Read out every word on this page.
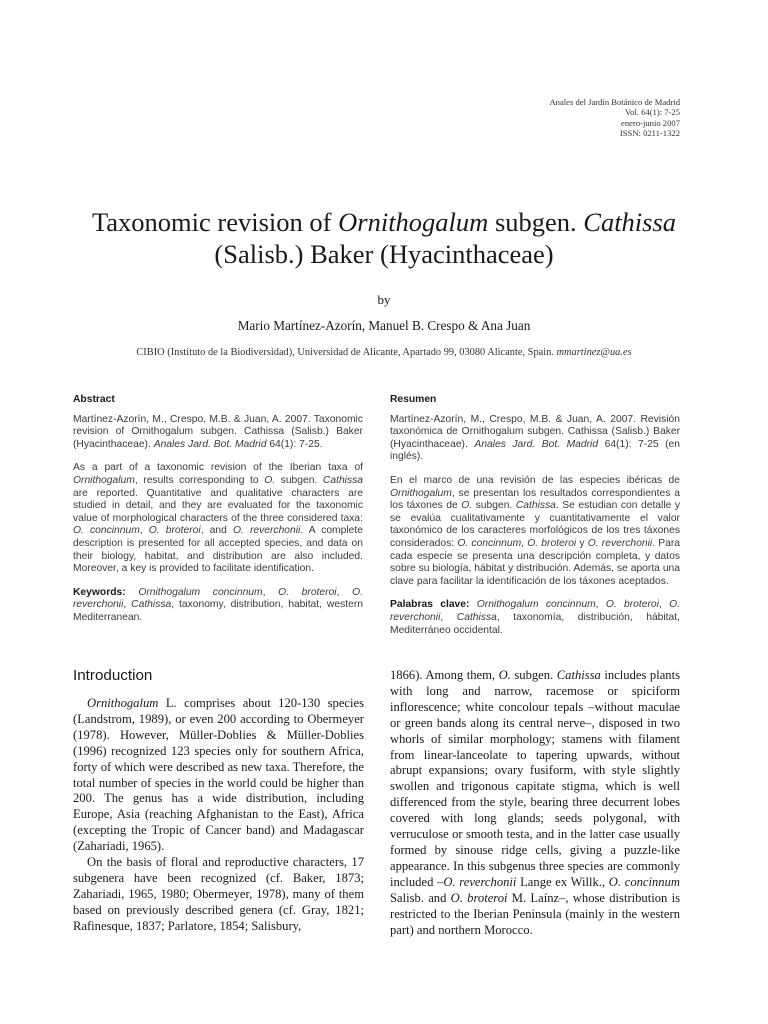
Anales del Jardín Botánico de Madrid
Vol. 64(1): 7-25
enero-junio 2007
ISSN: 0211-1322
Taxonomic revision of Ornithogalum subgen. Cathissa
(Salisb.) Baker (Hyacinthaceae)
by
Mario Martínez-Azorín, Manuel B. Crespo & Ana Juan
CIBIO (Instituto de la Biodiversidad), Universidad de Alicante, Apartado 99, 03080 Alicante, Spain. mmartinez@ua.es
Abstract

Martínez-Azorín, M., Crespo, M.B. & Juan, A. 2007. Taxonomic revision of Ornithogalum subgen. Cathissa (Salisb.) Baker (Hyacinthaceae). Anales Jard. Bot. Madrid 64(1): 7-25.

As a part of a taxonomic revision of the Iberian taxa of Ornithogalum, results corresponding to O. subgen. Cathissa are reported. Quantitative and qualitative characters are studied in detail, and they are evaluated for the taxonomic value of morphological characters of the three considered taxa: O. concinnum, O. broteroi, and O. reverchonii. A complete description is presented for all accepted species, and data on their biology, habitat, and distribution are also included. Moreover, a key is provided to facilitate identification.

Keywords: Ornithogalum concinnum, O. broteroi, O. reverchonii, Cathissa, taxonomy, distribution, habitat, western Mediterranean.

Resumen

Martínez-Azorín, M., Crespo, M.B. & Juan, A. 2007. Revisión taxonómica de Ornithogalum subgen. Cathissa (Salisb.) Baker (Hyacinthaceae). Anales Jard. Bot. Madrid 64(1): 7-25 (en inglés).

En el marco de una revisión de las especies ibéricas de Ornithogalum, se presentan los resultados correspondientes a los táxones de O. subgen. Cathissa. Se estudian con detalle y se evalúa cualitativamente y cuantitativamente el valor taxonómico de los caracteres morfológicos de los tres táxones considerados: O. concinnum, O. broteroi y O. reverchonii. Para cada especie se presenta una descripción completa, y datos sobre su biología, hábitat y distribución. Además, se aporta una clave para facilitar la identificación de los táxones aceptados.

Palabras clave: Ornithogalum concinnum, O. broteroi, O. reverchonii, Cathissa, taxonomía, distribución, hábitat, Mediterráneo occidental.

Introduction

Ornithogalum L. comprises about 120-130 species (Landstrom, 1989), or even 200 according to Obermeyer (1978). However, Müller-Doblies & Müller-Doblies (1996) recognized 123 species only for southern Africa, forty of which were described as new taxa. Therefore, the total number of species in the world could be higher than 200. The genus has a wide distribution, including Europe, Asia (reaching Afghanistan to the East), Africa (excepting the Tropic of Cancer band) and Madagascar (Zahariadi, 1965).

On the basis of floral and reproductive characters, 17 subgenera have been recognized (cf. Baker, 1873; Zahariadi, 1965, 1980; Obermeyer, 1978), many of them based on previously described genera (cf. Gray, 1821; Rafinesque, 1837; Parlatore, 1854; Salisbury,

1866). Among them, O. subgen. Cathissa includes plants with long and narrow, racemose or spiciform inflorescence; white concolour tepals –without maculae or green bands along its central nerve–, disposed in two whorls of similar morphology; stamens with filament from linear-lanceolate to tapering upwards, without abrupt expansions; ovary fusiform, with style slightly swollen and trigonous capitate stigma, which is well differenced from the style, bearing three decurrent lobes covered with long glands; seeds polygonal, with verruculose or smooth testa, and in the latter case usually formed by sinouse ridge cells, giving a puzzle-like appearance. In this subgenus three species are commonly included –O. reverchonii Lange ex Willk., O. concinnum Salisb. and O. broteroi M. Laínz–, whose distribution is restricted to the Iberian Peninsula (mainly in the western part) and northern Morocco.
